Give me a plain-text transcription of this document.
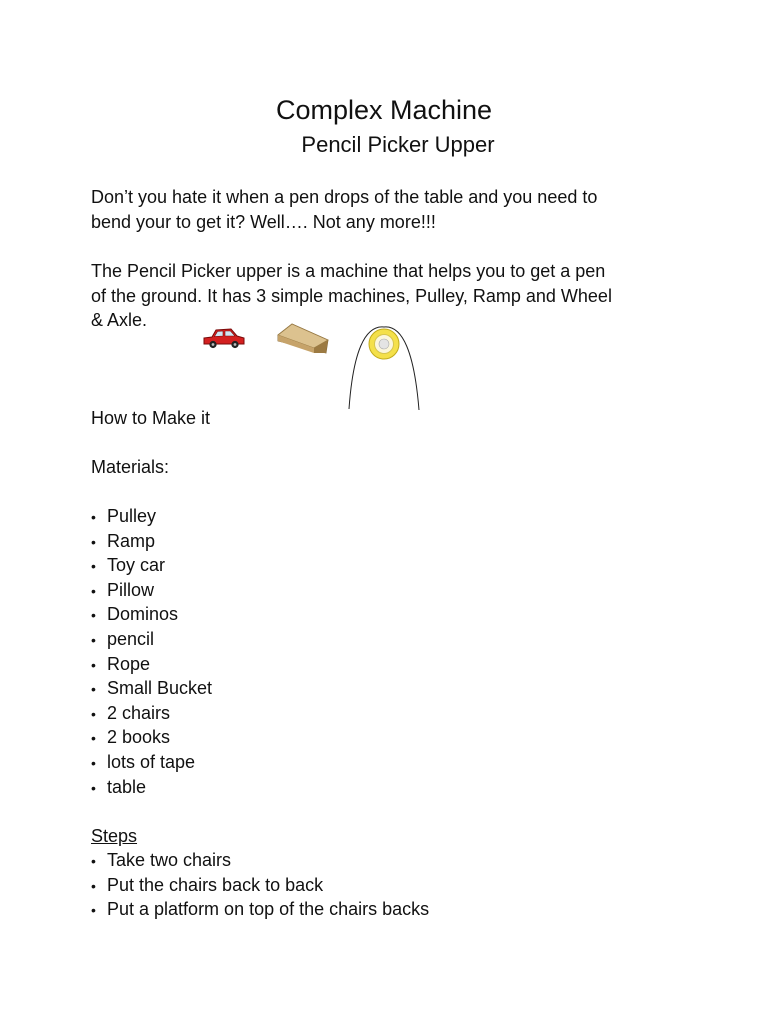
Complex Machine
Pencil Picker Upper

Don’t you hate it when a pen drops of the table and you need to
bend your to get it? Well…. Not any more!!!

The Pencil Picker upper is a machine that helps you to get a pen
of the ground. It has 3 simple machines, Pulley, Ramp and Wheel
& Axle.

How to Make it
Materials:
• Pulley
• Ramp
• Toy car
• Pillow
• Dominos
• pencil
• Rope
• Small Bucket
• 2 chairs
• 2 books
• lots of tape
• table
Steps
• Take two chairs
• Put the chairs back to back
• Put a platform on top of the chairs backs
